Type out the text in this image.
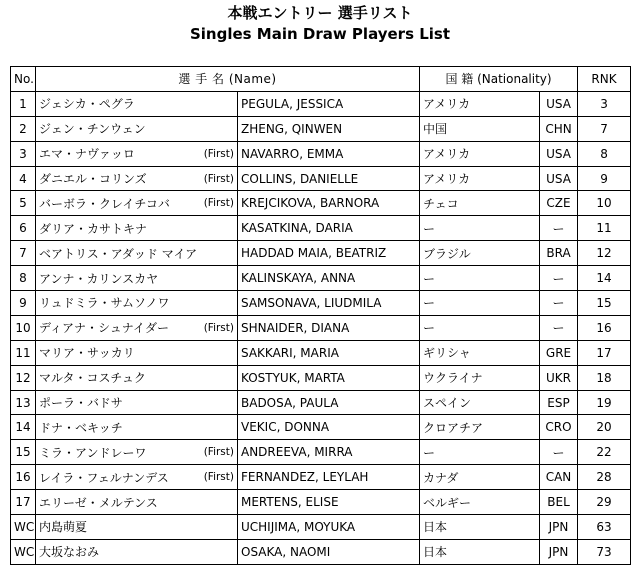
本戦エントリー 選手リスト
Singles Main Draw Players List
No.	選 手 名 (Name)		国 籍 (Nationality)		RNK
1	ジェシカ・ペグラ	PEGULA, JESSICA	アメリカ	USA	3
2	ジェン・チンウェン	ZHENG, QINWEN	中国	CHN	7
3	エマ・ナヴァッロ (First)	NAVARRO, EMMA	アメリカ	USA	8
4	ダニエル・コリンズ (First)	COLLINS, DANIELLE	アメリカ	USA	9
5	バーボラ・クレイチコバ (First)	KREJCIKOVA, BARNORA	チェコ	CZE	10
6	ダリア・カサトキナ	KASATKINA, DARIA	ー	ー	11
7	ベアトリス・アダッド マイア	HADDAD MAIA, BEATRIZ	ブラジル	BRA	12
8	アンナ・カリンスカヤ	KALINSKAYA, ANNA	ー	ー	14
9	リュドミラ・サムソノワ	SAMSONAVA, LIUDMILA	ー	ー	15
10	ディアナ・シュナイダー (First)	SHNAIDER, DIANA	ー	ー	16
11	マリア・サッカリ	SAKKARI, MARIA	ギリシャ	GRE	17
12	マルタ・コスチュク	KOSTYUK, MARTA	ウクライナ	UKR	18
13	ポーラ・バドサ	BADOSA, PAULA	スペイン	ESP	19
14	ドナ・ベキッチ	VEKIC, DONNA	クロアチア	CRO	20
15	ミラ・アンドレーワ (First)	ANDREEVA, MIRRA	ー	ー	22
16	レイラ・フェルナンデス (First)	FERNANDEZ, LEYLAH	カナダ	CAN	28
17	エリーゼ・メルテンス	MERTENS, ELISE	ベルギー	BEL	29
WC	内島萌夏	UCHIJIMA, MOYUKA	日本	JPN	63
WC	大坂なおみ	OSAKA, NAOMI	日本	JPN	73
